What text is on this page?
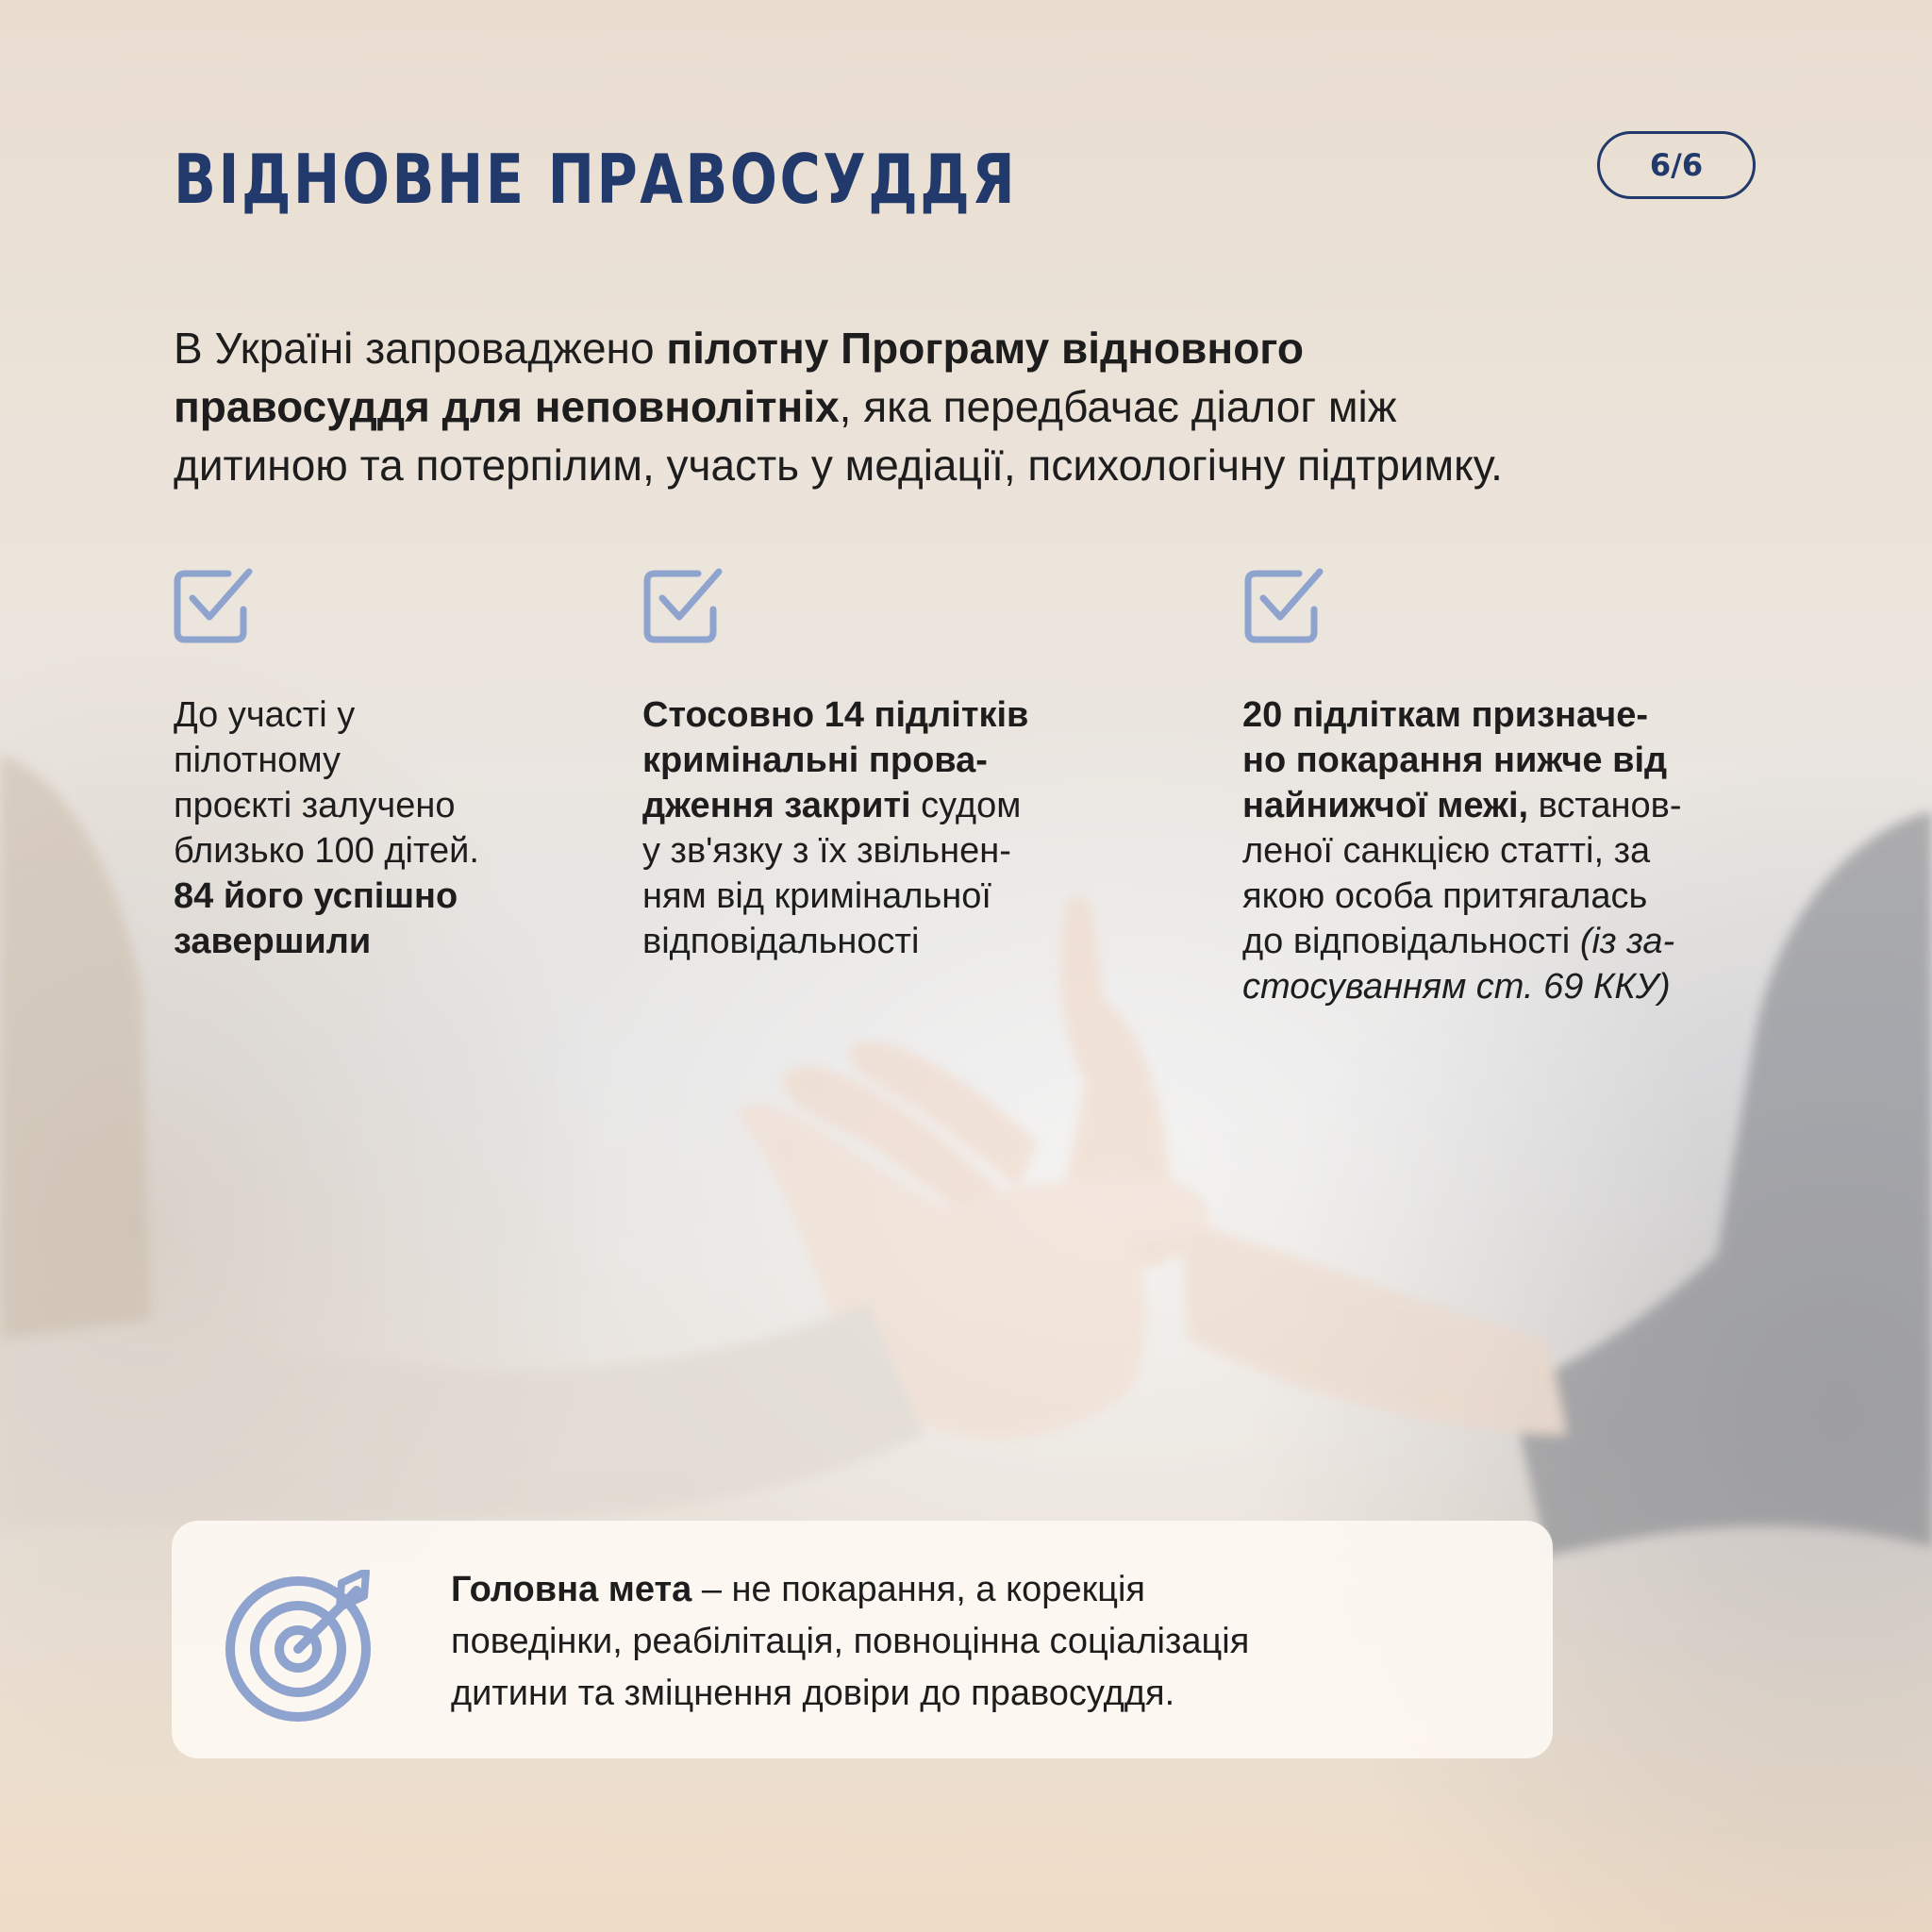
ВІДНОВНЕ ПРАВОСУДДЯ	6/6
В Україні запроваджено пілотну Програму відновного
правосуддя для неповнолітніх, яка передбачає діалог між
дитиною та потерпілим, участь у медіації, психологічну підтримку.
До участі у
пілотному
проєкті залучено
близько 100 дітей.
84 його успішно
завершили
Стосовно 14 підлітків
кримінальні прова-
дження закриті судом
у зв'язку з їх звільнен-
ням від кримінальної
відповідальності
20 підліткам призначе-
но покарання нижче від
найнижчої межі, встанов-
леної санкцією статті, за
якою особа притягалась
до відповідальності (із за-
стосуванням ст. 69 ККУ)
Головна мета – не покарання, а корекція
поведінки, реабілітація, повноцінна соціалізація
дитини та зміцнення довіри до правосуддя.
